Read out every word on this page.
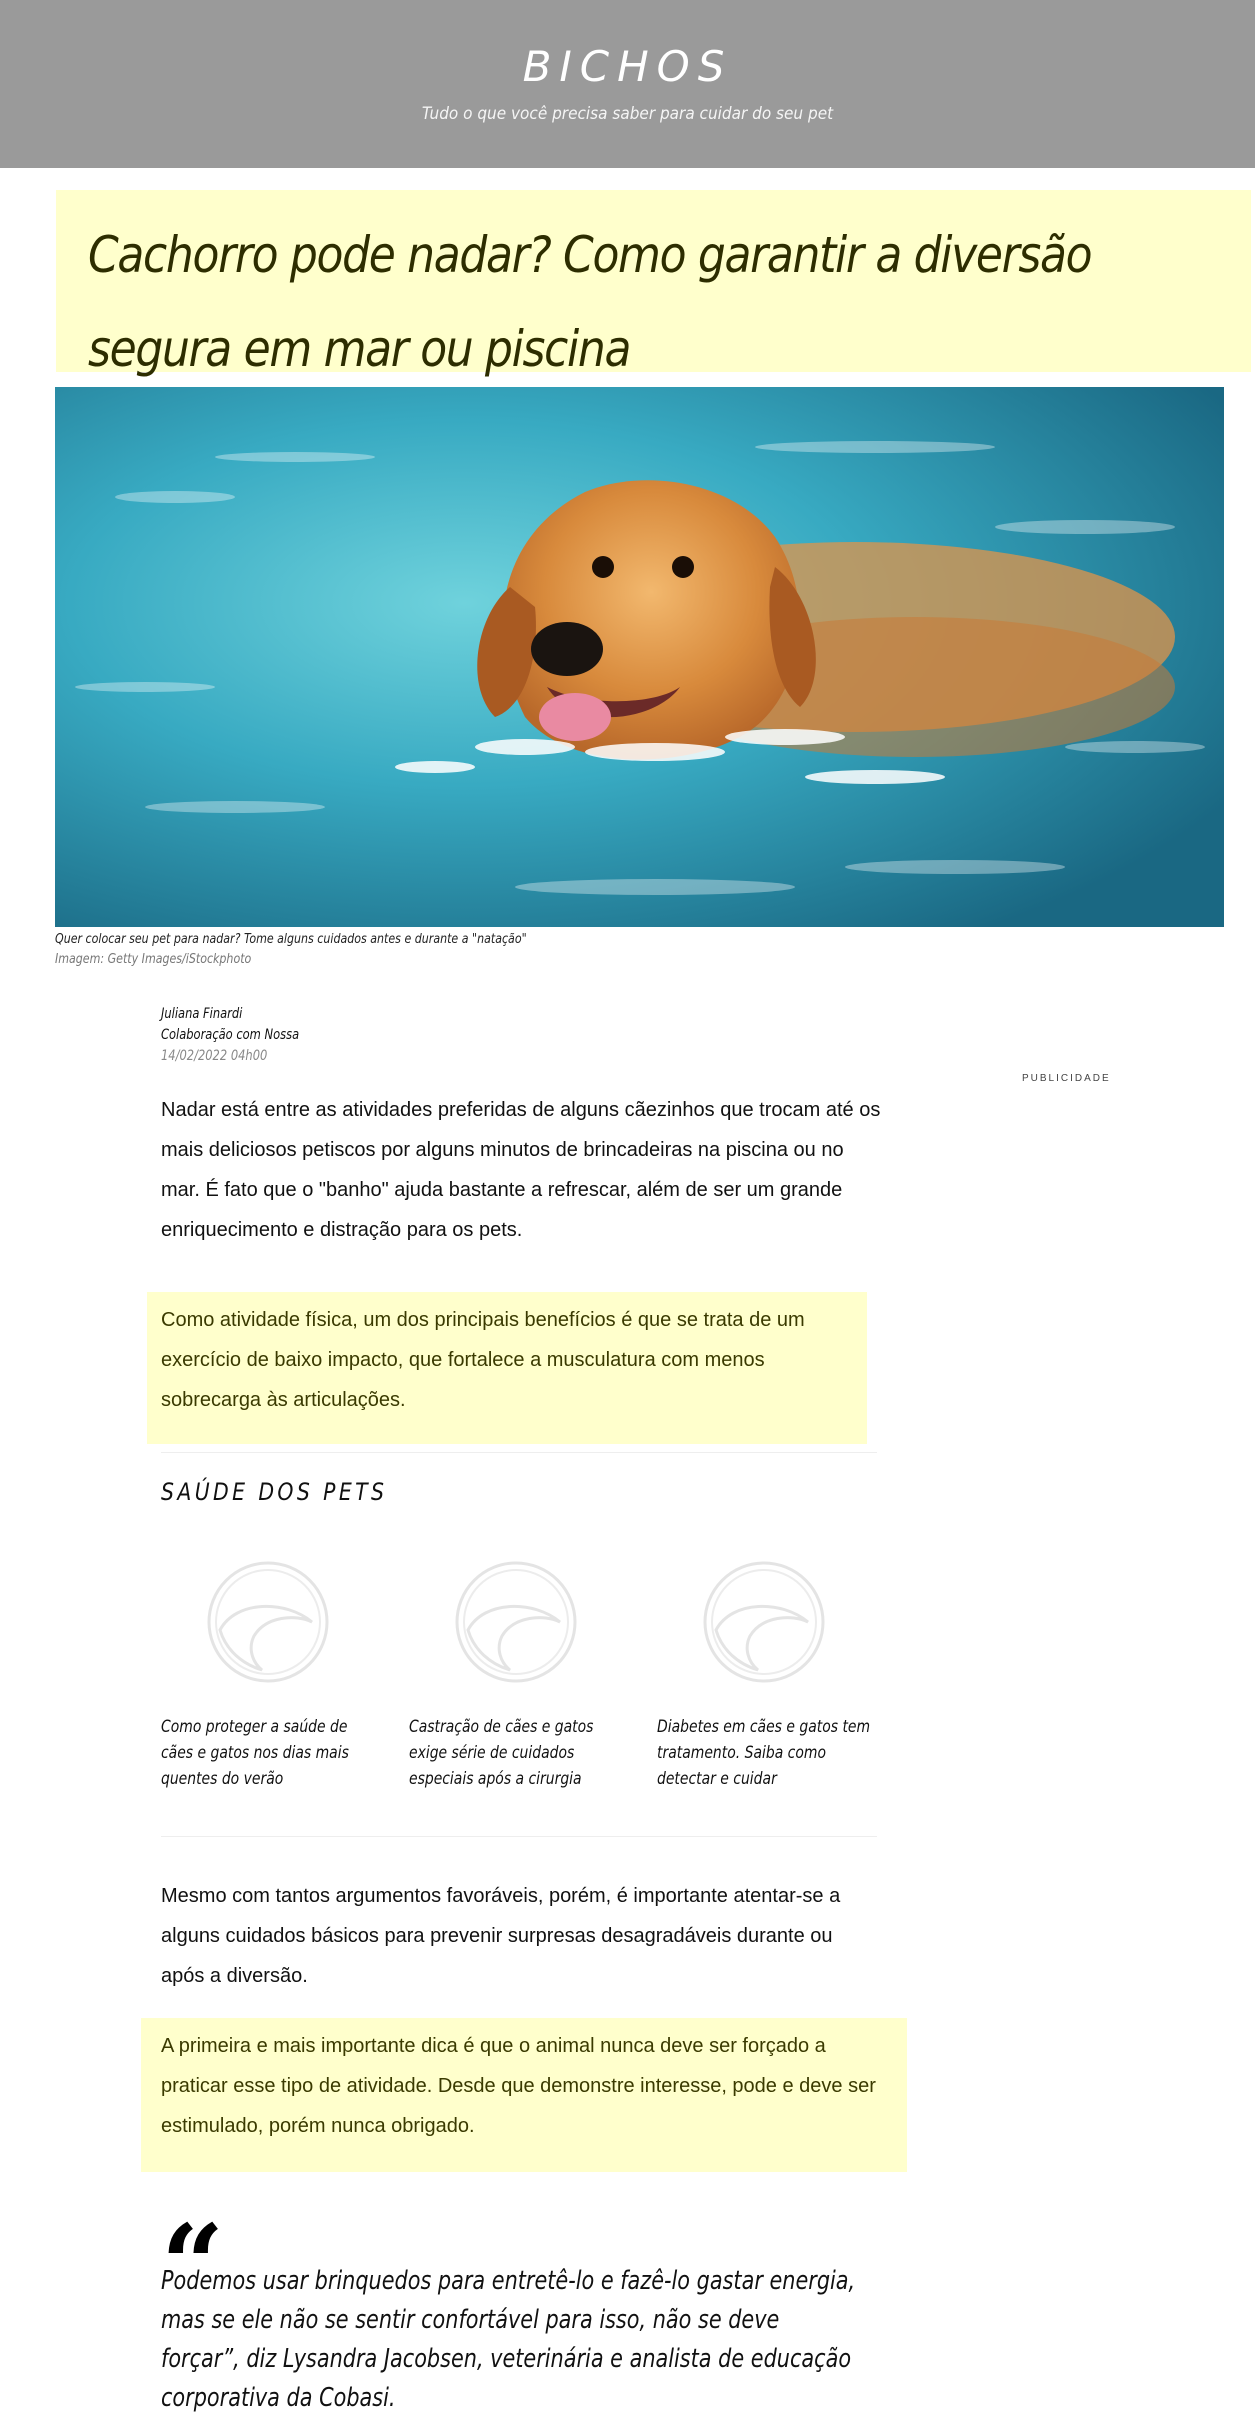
BICHOS
Tudo o que você precisa saber para cuidar do seu pet
Cachorro pode nadar? Como garantir a diversão segura em mar ou piscina
Quer colocar seu pet para nadar? Tome alguns cuidados antes e durante a "natação"
Imagem: Getty Images/iStockphoto
Juliana Finardi
Colaboração com Nossa
14/02/2022 04h00
PUBLICIDADE

Nadar está entre as atividades preferidas de alguns cãezinhos que trocam até os mais deliciosos petiscos por alguns minutos de brincadeiras na piscina ou no mar. É fato que o "banho" ajuda bastante a refrescar, além de ser um grande enriquecimento e distração para os pets.

Como atividade física, um dos principais benefícios é que se trata de um exercício de baixo impacto, que fortalece a musculatura com menos sobrecarga às articulações.

SAÚDE DOS PETS
Como proteger a saúde de cães e gatos nos dias mais quentes do verão
Castração de cães e gatos exige série de cuidados especiais após a cirurgia
Diabetes em cães e gatos tem tratamento. Saiba como detectar e cuidar

Mesmo com tantos argumentos favoráveis, porém, é importante atentar-se a alguns cuidados básicos para prevenir surpresas desagradáveis durante ou após a diversão.

A primeira e mais importante dica é que o animal nunca deve ser forçado a praticar esse tipo de atividade. Desde que demonstre interesse, pode e deve ser estimulado, porém nunca obrigado.

“

Podemos usar brinquedos para entretê-lo e fazê-lo gastar energia, mas se ele não se sentir confortável para isso, não se deve forçar”, diz Lysandra Jacobsen, veterinária e analista de educação corporativa da Cobasi.
